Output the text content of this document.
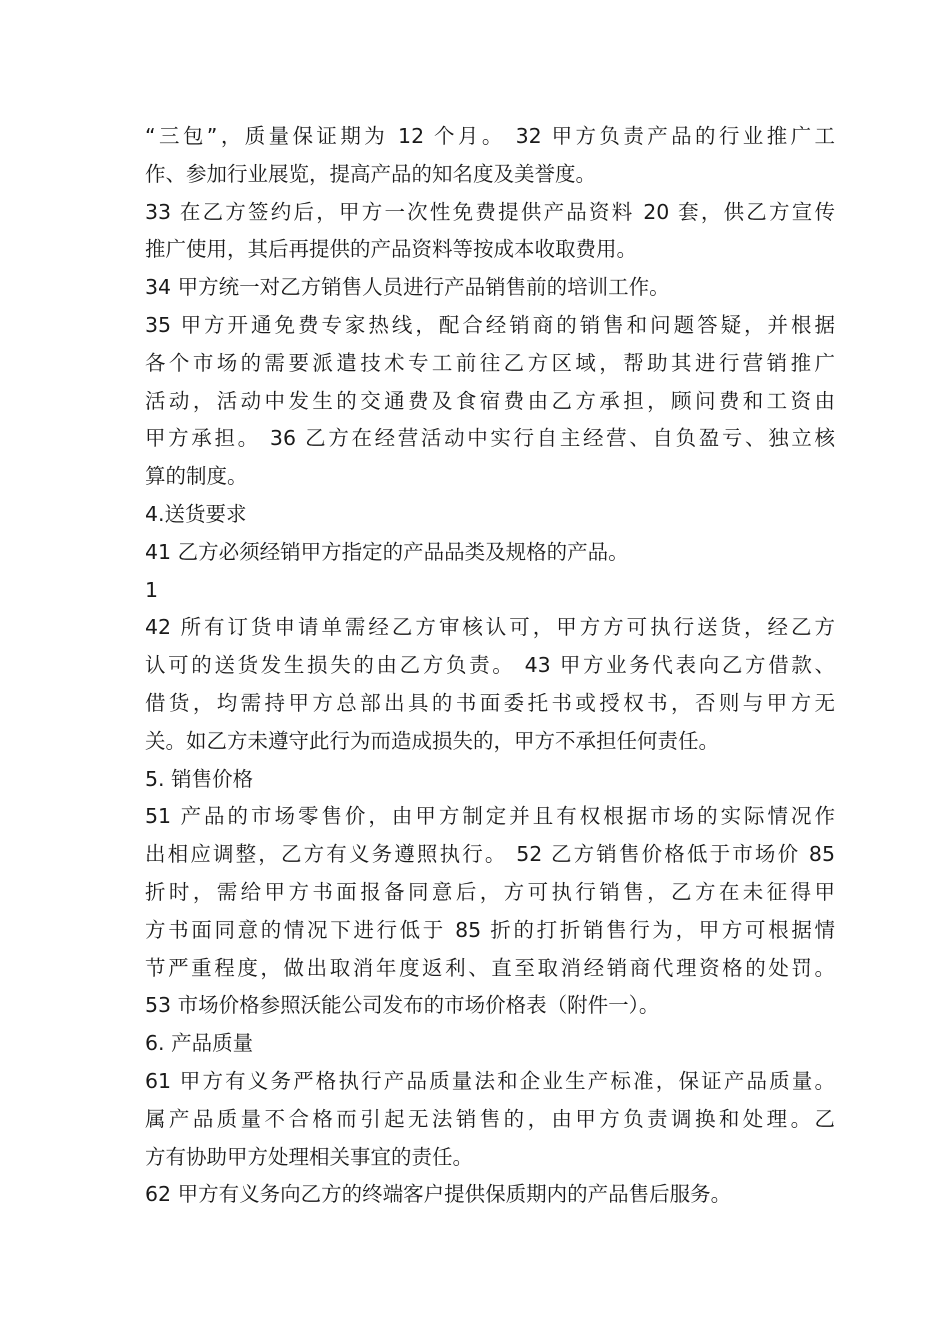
“三包”，质量保证期为 12 个月。 32 甲方负责产品的行业推广工
作、参加行业展览，提高产品的知名度及美誉度。
33 在乙方签约后，甲方一次性免费提供产品资料 20 套，供乙方宣传
推广使用，其后再提供的产品资料等按成本收取费用。
34 甲方统一对乙方销售人员进行产品销售前的培训工作。
35 甲方开通免费专家热线，配合经销商的销售和问题答疑，并根据
各个市场的需要派遣技术专工前往乙方区域，帮助其进行营销推广
活动，活动中发生的交通费及食宿费由乙方承担，顾问费和工资由
甲方承担。 36 乙方在经营活动中实行自主经营、自负盈亏、独立核
算的制度。
4.送货要求
41 乙方必须经销甲方指定的产品品类及规格的产品。
1
42 所有订货申请单需经乙方审核认可，甲方方可执行送货，经乙方
认可的送货发生损失的由乙方负责。 43 甲方业务代表向乙方借款、
借货，均需持甲方总部出具的书面委托书或授权书，否则与甲方无
关。如乙方未遵守此行为而造成损失的，甲方不承担任何责任。
5. 销售价格
51 产品的市场零售价，由甲方制定并且有权根据市场的实际情况作
出相应调整，乙方有义务遵照执行。 52 乙方销售价格低于市场价 85
折时，需给甲方书面报备同意后，方可执行销售，乙方在未征得甲
方书面同意的情况下进行低于 85 折的打折销售行为，甲方可根据情
节严重程度，做出取消年度返利、直至取消经销商代理资格的处罚。
53 市场价格参照沃能公司发布的市场价格表（附件一）。
6. 产品质量
61 甲方有义务严格执行产品质量法和企业生产标准，保证产品质量。
属产品质量不合格而引起无法销售的，由甲方负责调换和处理。乙
方有协助甲方处理相关事宜的责任。
62 甲方有义务向乙方的终端客户提供保质期内的产品售后服务。
